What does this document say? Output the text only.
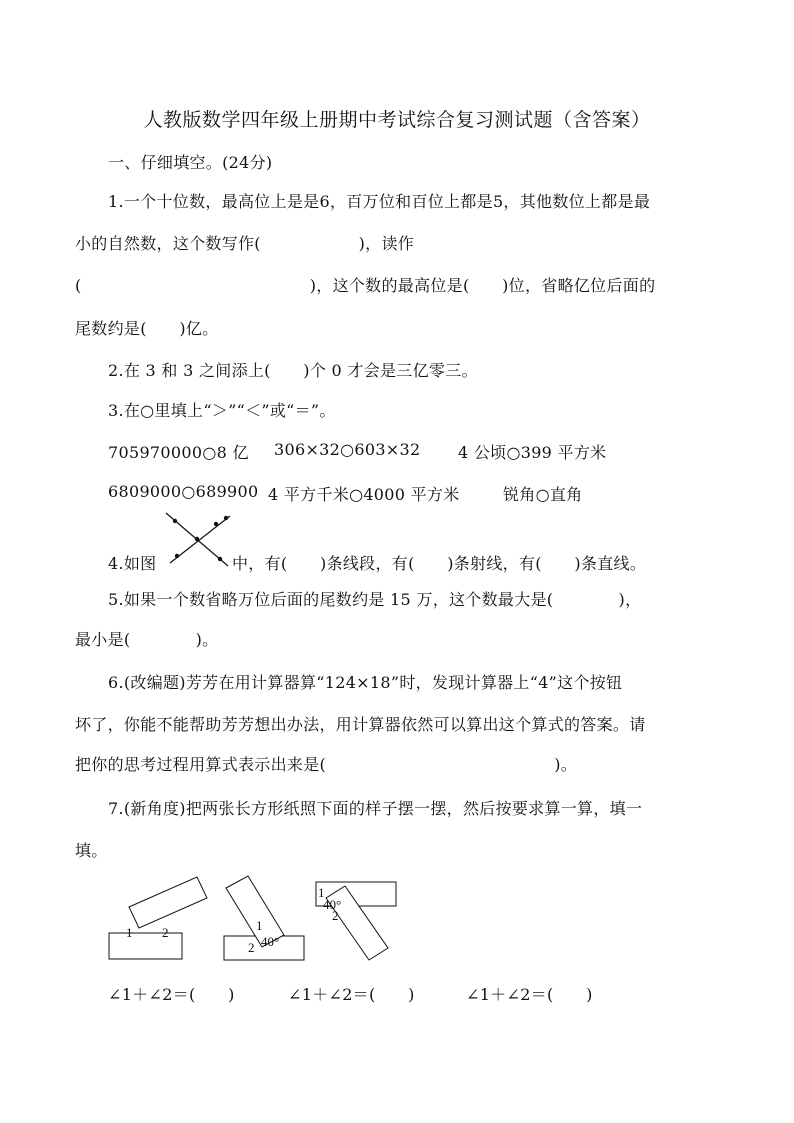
人教版数学四年级上册期中考试综合复习测试题（含答案）
一、仔细填空。(24分)
1.一个十位数，最高位上是是6，百万位和百位上都是5，其他数位上都是最
小的自然数，这个数写作(　　　　　　)，读作
(　　　　　　　　　　　　　　)，这个数的最高位是(　　)位，省略亿位后面的
尾数约是(　　)亿。
2.在 3 和 3 之间添上(　　)个 0 才会是三亿零三。
3.在○里填上“＞”“＜”或“＝”。
705970000○8 亿 306×32○603×32 4 公顷○399 平方米
6809000○689900 4 平方千米○4000 平方米	锐角○直角
4.如图	中，有(　　)条线段，有(　　)条射线，有(　　)条直线。
5.如果一个数省略万位后面的尾数约是 15 万，这个数最大是(　　　　)，
最小是(　　　　)。
6.(改编题)芳芳在用计算器算“124×18”时，发现计算器上“4”这个按钮
坏了，你能不能帮助芳芳想出办法，用计算器依然可以算出这个算式的答案。请
把你的思考过程用算式表示出来是(　　　　　　　　　　　　　　)。
7.(新角度)把两张长方形纸照下面的样子摆一摆，然后按要求算一算，填一
填。
1 2	1
2 40°
1
40°
2
∠1＋∠2＝(　　)	∠1＋∠2＝(　　)	∠1＋∠2＝(　　)
